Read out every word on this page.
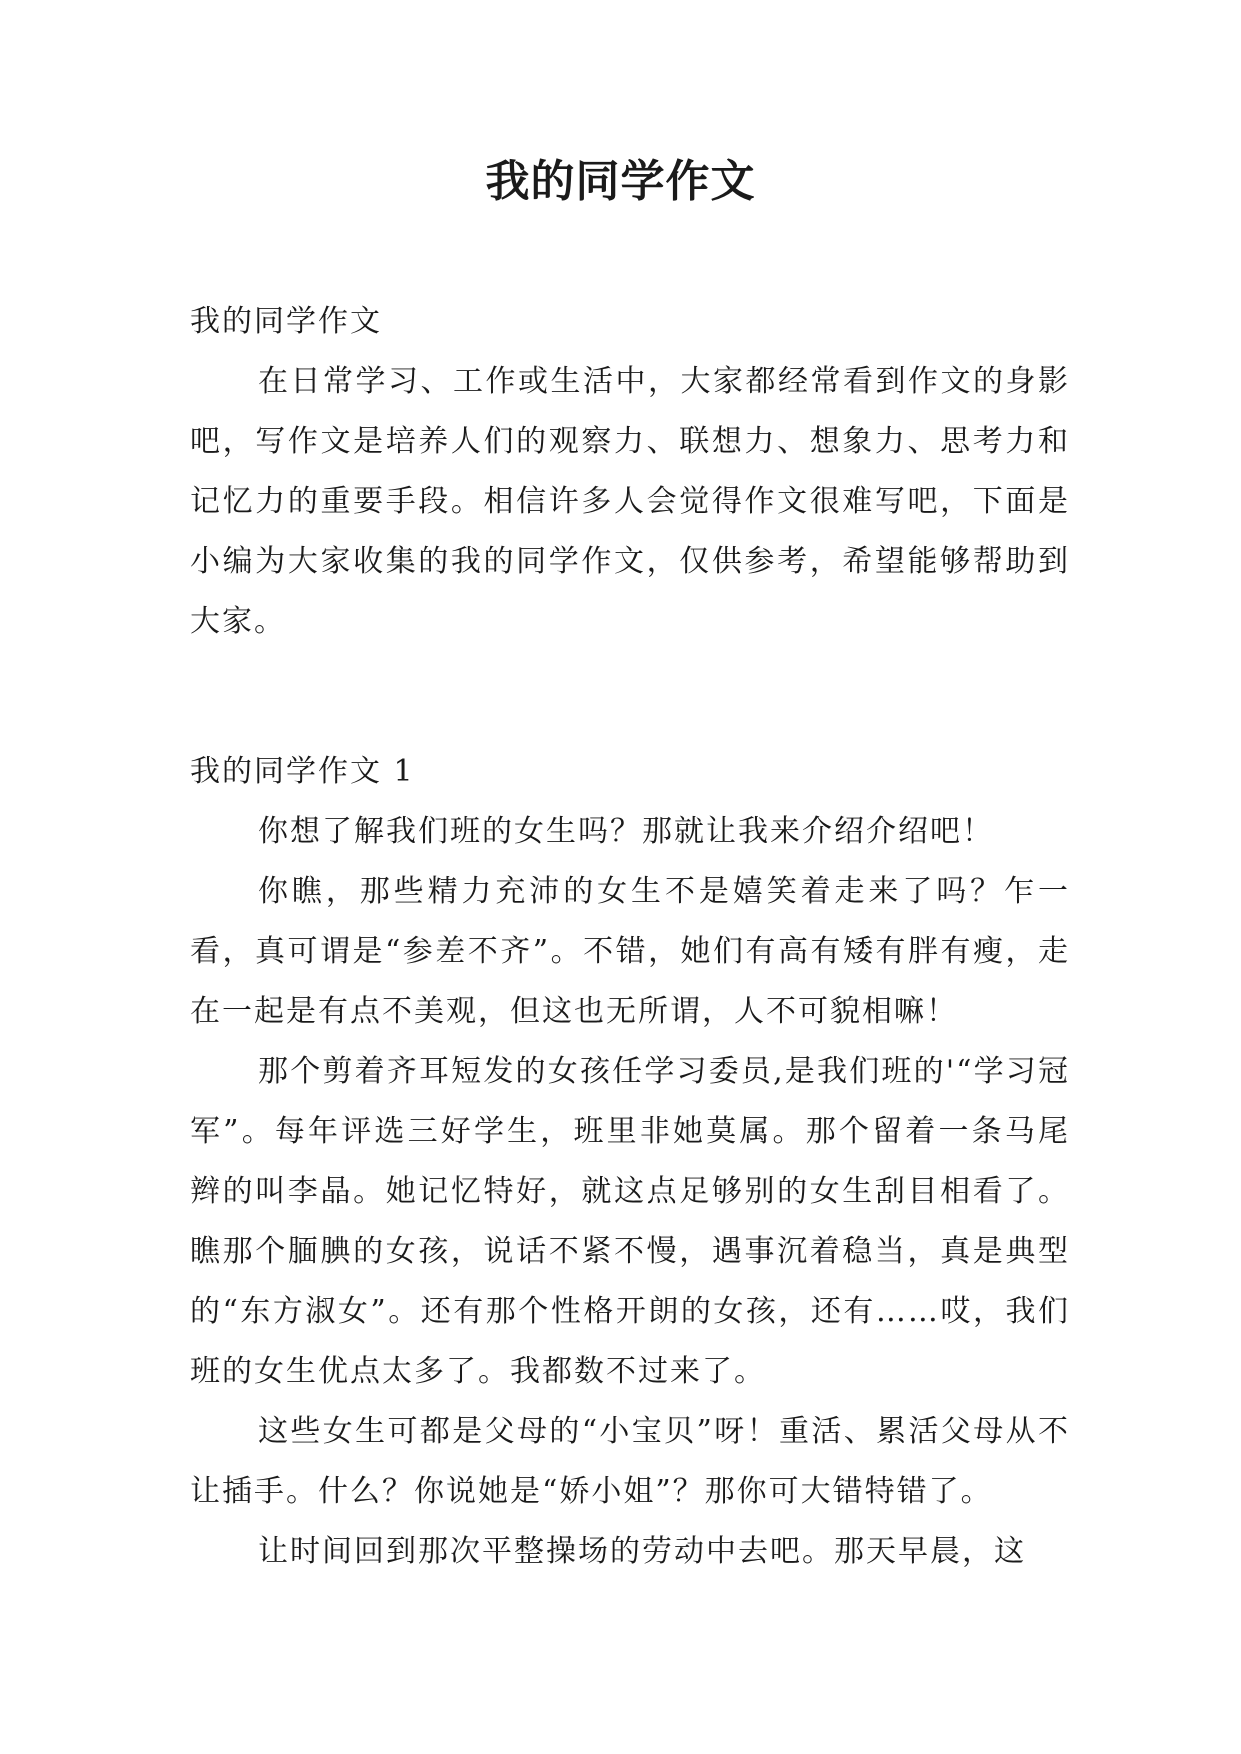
我的同学作文

我的同学作文

在日常学习、工作或生活中，大家都经常看到作文的身影吧，写作文是培养人们的观察力、联想力、想象力、思考力和记忆力的重要手段。相信许多人会觉得作文很难写吧，下面是小编为大家收集的我的同学作文，仅供参考，希望能够帮助到大家。

我的同学作文 1

你想了解我们班的女生吗？那就让我来介绍介绍吧！

你瞧，那些精力充沛的女生不是嬉笑着走来了吗？乍一看，真可谓是“参差不齐”。不错，她们有高有矮有胖有瘦，走在一起是有点不美观，但这也无所谓，人不可貌相嘛！

那个剪着齐耳短发的女孩任学习委员,是我们班的'“学习冠军”。每年评选三好学生，班里非她莫属。那个留着一条马尾辫的叫李晶。她记忆特好，就这点足够别的女生刮目相看了。瞧那个腼腆的女孩，说话不紧不慢，遇事沉着稳当，真是典型的“东方淑女”。还有那个性格开朗的女孩，还有……哎，我们班的女生优点太多了。我都数不过来了。

这些女生可都是父母的“小宝贝”呀！重活、累活父母从不让插手。什么？你说她是“娇小姐”？那你可大错特错了。

让时间回到那次平整操场的劳动中去吧。那天早晨，这
